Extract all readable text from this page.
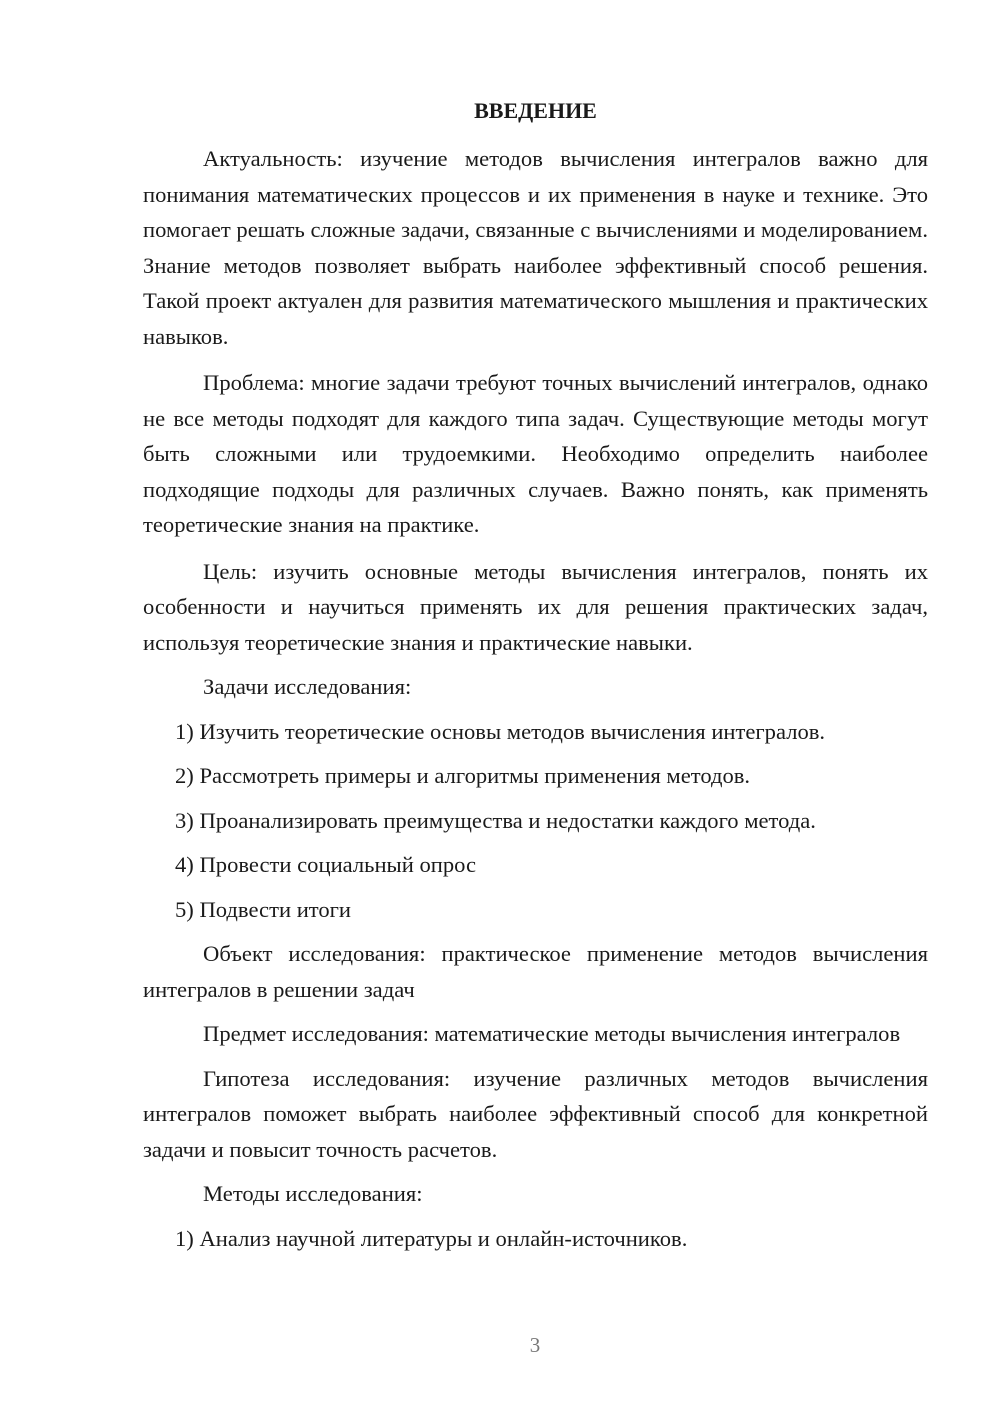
ВВЕДЕНИЕ

Актуальность: изучение методов вычисления интегралов важно для понимания математических процессов и их применения в науке и технике. Это помогает решать сложные задачи, связанные с вычислениями и моделированием. Знание методов позволяет выбрать наиболее эффективный способ решения. Такой проект актуален для развития математического мышления и практических навыков.

Проблема: многие задачи требуют точных вычислений интегралов, однако не все методы подходят для каждого типа задач. Существующие методы могут быть сложными или трудоемкими. Необходимо определить наиболее подходящие подходы для различных случаев. Важно понять, как применять теоретические знания на практике.

Цель: изучить основные методы вычисления интегралов, понять их особенности и научиться применять их для решения практических задач, используя теоретические знания и практические навыки.

Задачи исследования:

1) Изучить теоретические основы методов вычисления интегралов.

2) Рассмотреть примеры и алгоритмы применения методов.

3) Проанализировать преимущества и недостатки каждого метода.

4) Провести социальный опрос

5) Подвести итоги

Объект исследования: практическое применение методов вычисления интегралов в решении задач

Предмет исследования: математические методы вычисления интегралов

Гипотеза исследования: изучение различных методов вычисления интегралов поможет выбрать наиболее эффективный способ для конкретной задачи и повысит точность расчетов.

Методы исследования:

1) Анализ научной литературы и онлайн-источников.

3
